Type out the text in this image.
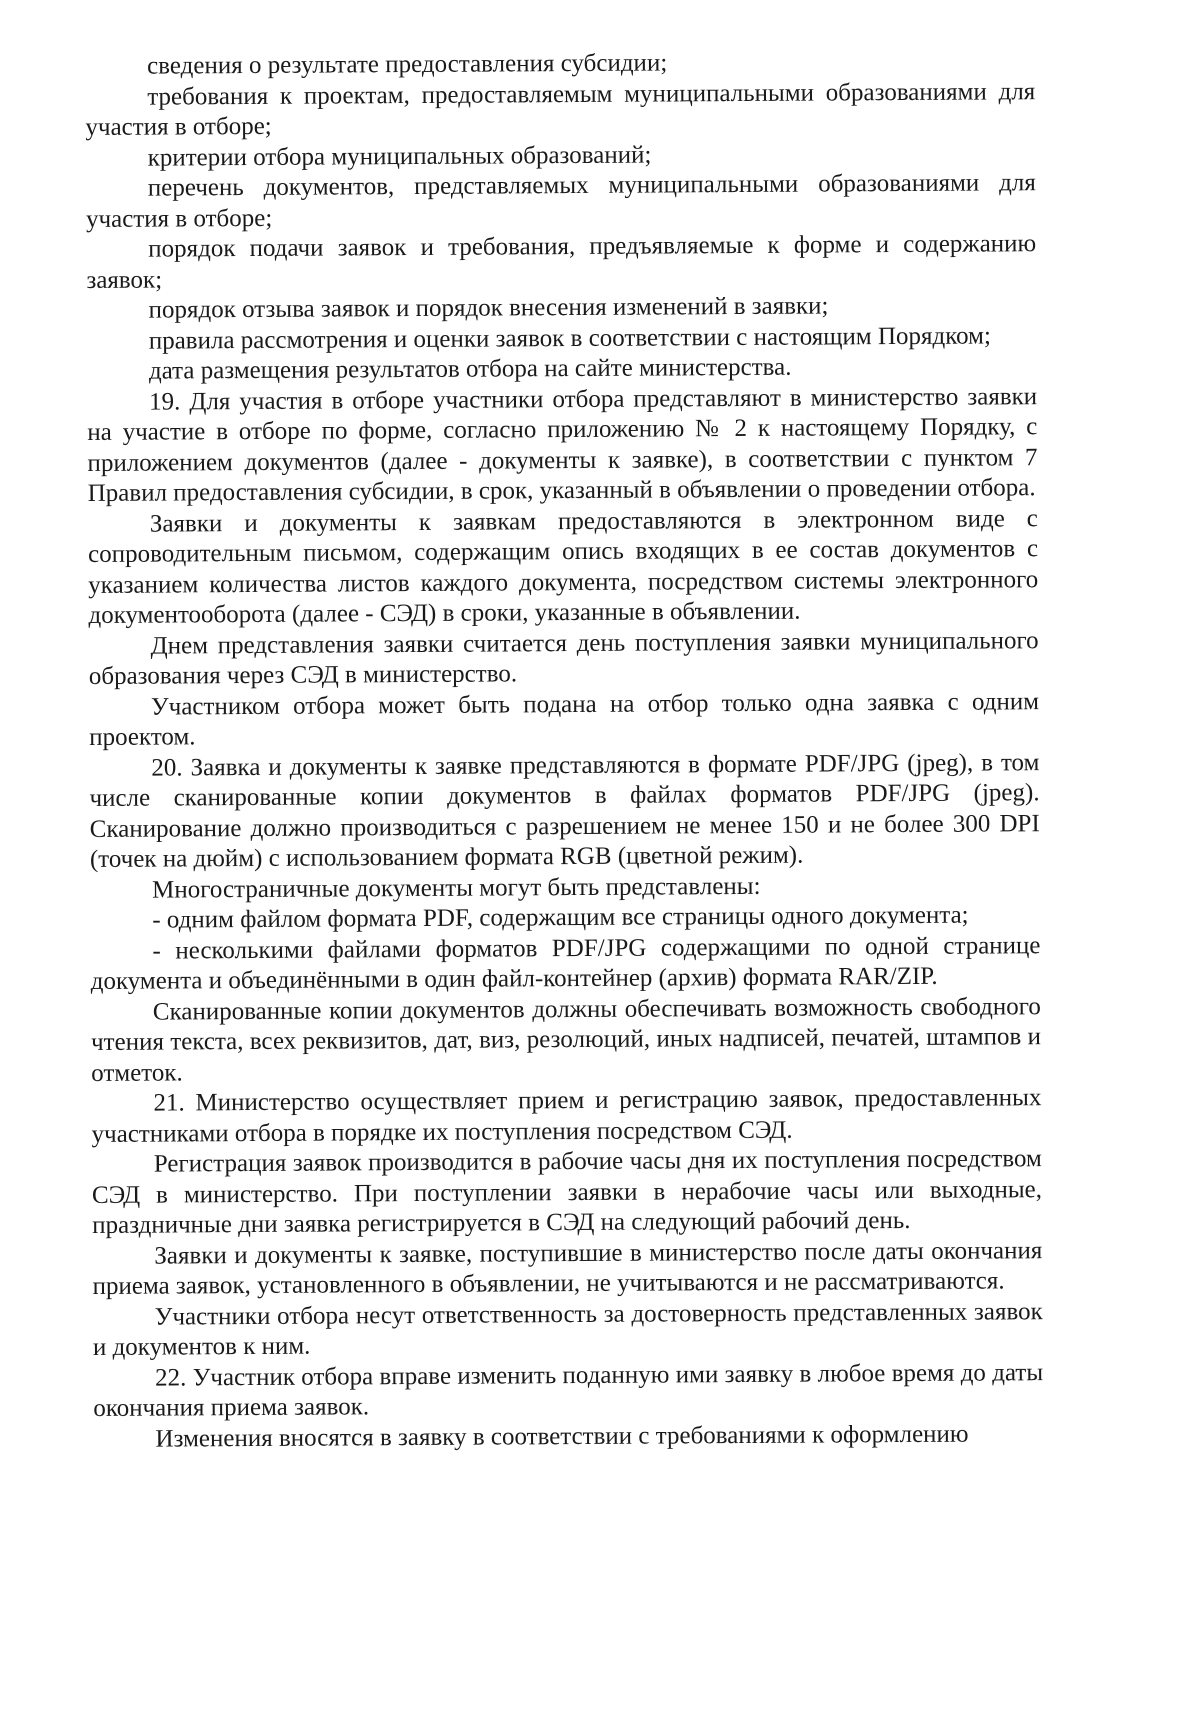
сведения о результате предоставления субсидии;

требования к проектам, предоставляемым муниципальными образованиями для участия в отборе;

критерии отбора муниципальных образований;

перечень документов, представляемых муниципальными образованиями для участия в отборе;

порядок подачи заявок и требования, предъявляемые к форме и содержанию заявок;

порядок отзыва заявок и порядок внесения изменений в заявки;

правила рассмотрения и оценки заявок в соответствии с настоящим Порядком;

дата размещения результатов отбора на сайте министерства.

19. Для участия в отборе участники отбора представляют в министерство заявки на участие в отборе по форме, согласно приложению № 2 к настоящему Порядку, с приложением документов (далее - документы к заявке), в соответствии с пунктом 7 Правил предоставления субсидии, в срок, указанный в объявлении о проведении отбора.

Заявки и документы к заявкам предоставляются в электронном виде с сопроводительным письмом, содержащим опись входящих в ее состав документов с указанием количества листов каждого документа, посредством системы электронного документооборота (далее - СЭД) в сроки, указанные в объявлении.

Днем представления заявки считается день поступления заявки муниципального образования через СЭД в министерство.

Участником отбора может быть подана на отбор только одна заявка с одним проектом.

20. Заявка и документы к заявке представляются в формате PDF/JPG (jpeg), в том числе сканированные копии документов в файлах форматов PDF/JPG (jpeg). Сканирование должно производиться с разрешением не менее 150 и не более 300 DPI (точек на дюйм) с использованием формата RGB (цветной режим).

Многостраничные документы могут быть представлены:

- одним файлом формата PDF, содержащим все страницы одного документа;

- несколькими файлами форматов PDF/JPG содержащими по одной странице документа и объединёнными в один файл-контейнер (архив) формата RAR/ZIP.

Сканированные копии документов должны обеспечивать возможность свободного чтения текста, всех реквизитов, дат, виз, резолюций, иных надписей, печатей, штампов и отметок.

21. Министерство осуществляет прием и регистрацию заявок, предоставленных участниками отбора в порядке их поступления посредством СЭД.

Регистрация заявок производится в рабочие часы дня их поступления посредством СЭД в министерство. При поступлении заявки в нерабочие часы или выходные, праздничные дни заявка регистрируется в СЭД на следующий рабочий день.

Заявки и документы к заявке, поступившие в министерство после даты окончания приема заявок, установленного в объявлении, не учитываются и не рассматриваются.

Участники отбора несут ответственность за достоверность представленных заявок и документов к ним.

22. Участник отбора вправе изменить поданную ими заявку в любое время до даты окончания приема заявок.

Изменения вносятся в заявку в соответствии с требованиями к оформлению
